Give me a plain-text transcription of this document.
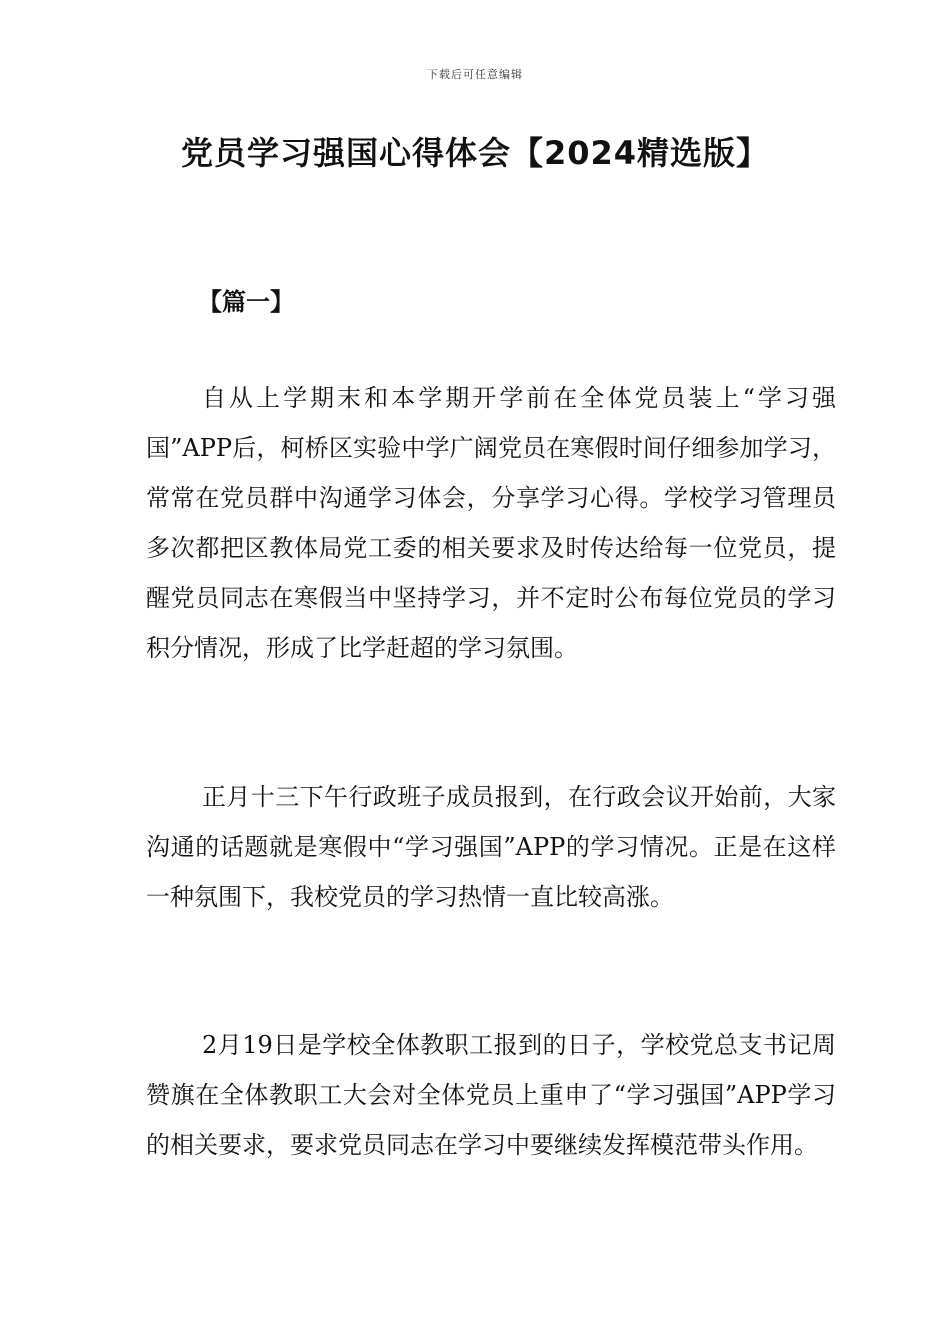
下载后可任意编辑
党员学习强国心得体会【2024精选版】
【篇一】

自从上学期末和本学期开学前在全体党员装上“学习强国”APP后，柯桥区实验中学广阔党员在寒假时间仔细参加学习，常常在党员群中沟通学习体会，分享学习心得。学校学习管理员多次都把区教体局党工委的相关要求及时传达给每一位党员，提醒党员同志在寒假当中坚持学习，并不定时公布每位党员的学习积分情况，形成了比学赶超的学习氛围。

正月十三下午行政班子成员报到，在行政会议开始前，大家沟通的话题就是寒假中“学习强国”APP的学习情况。正是在这样一种氛围下，我校党员的学习热情一直比较高涨。

2月19日是学校全体教职工报到的日子，学校党总支书记周赞旗在全体教职工大会对全体党员上重申了“学习强国”APP学习的相关要求，要求党员同志在学习中要继续发挥模范带头作用。
